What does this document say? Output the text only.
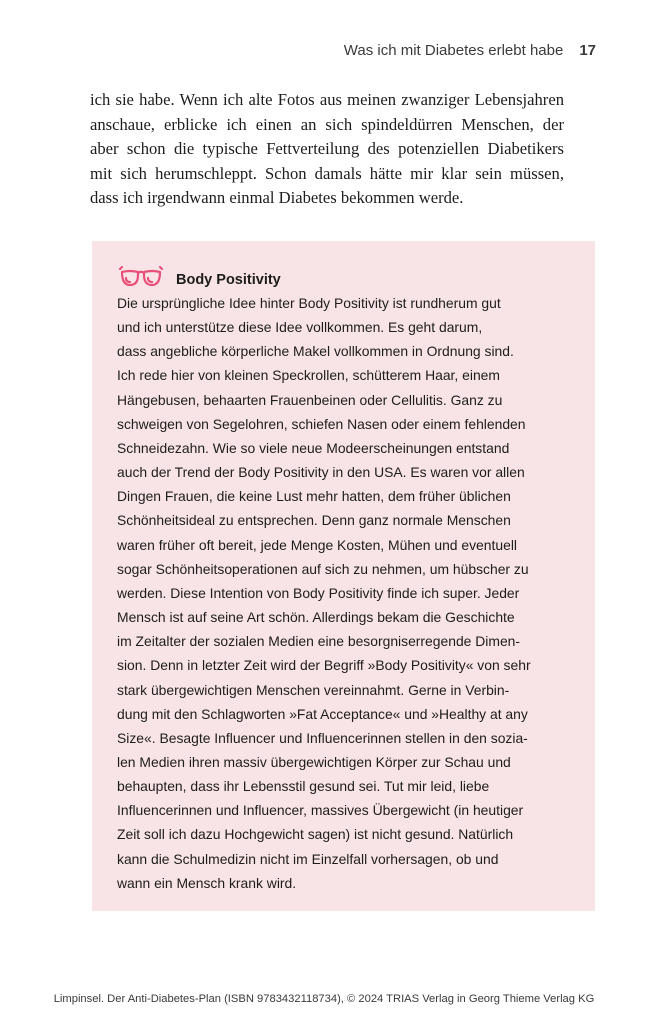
Was ich mit Diabetes erlebt habe 17
ich sie habe. Wenn ich alte Fotos aus meinen zwanziger Lebensjahren
anschaue, erblicke ich einen an sich spindeldürren Menschen, der
aber schon die typische Fettverteilung des potenziellen Diabetikers
mit sich herumschleppt. Schon damals hätte mir klar sein müssen,
dass ich irgendwann einmal Diabetes bekommen werde.
Body Positivity
Die ursprüngliche Idee hinter Body Positivity ist rundherum gut
und ich unterstütze diese Idee vollkommen. Es geht darum,
dass angebliche körperliche Makel vollkommen in Ordnung sind.
Ich rede hier von kleinen Speckrollen, schütterem Haar, einem
Hängebusen, behaarten Frauenbeinen oder Cellulitis. Ganz zu
schweigen von Segelohren, schiefen Nasen oder einem fehlenden
Schneidezahn. Wie so viele neue Modeerscheinungen entstand
auch der Trend der Body Positivity in den USA. Es waren vor allen
Dingen Frauen, die keine Lust mehr hatten, dem früher üblichen
Schönheitsideal zu entsprechen. Denn ganz normale Menschen
waren früher oft bereit, jede Menge Kosten, Mühen und eventuell
sogar Schönheitsoperationen auf sich zu nehmen, um hübscher zu
werden. Diese Intention von Body Positivity finde ich super. Jeder
Mensch ist auf seine Art schön. Allerdings bekam die Geschichte
im Zeitalter der sozialen Medien eine besorgniserregende Dimen-
sion. Denn in letzter Zeit wird der Begriff »Body Positivity« von sehr
stark übergewichtigen Menschen vereinnahmt. Gerne in Verbin-
dung mit den Schlagworten »Fat Acceptance« und »Healthy at any
Size«. Besagte Influencer und Influencerinnen stellen in den sozia-
len Medien ihren massiv übergewichtigen Körper zur Schau und
behaupten, dass ihr Lebensstil gesund sei. Tut mir leid, liebe
Influencerinnen und Influencer, massives Übergewicht (in heutiger
Zeit soll ich dazu Hochgewicht sagen) ist nicht gesund. Natürlich
kann die Schulmedizin nicht im Einzelfall vorhersagen, ob und
wann ein Mensch krank wird.
Limpinsel. Der Anti-Diabetes-Plan (ISBN 9783432118734), © 2024 TRIAS Verlag in Georg Thieme Verlag KG
